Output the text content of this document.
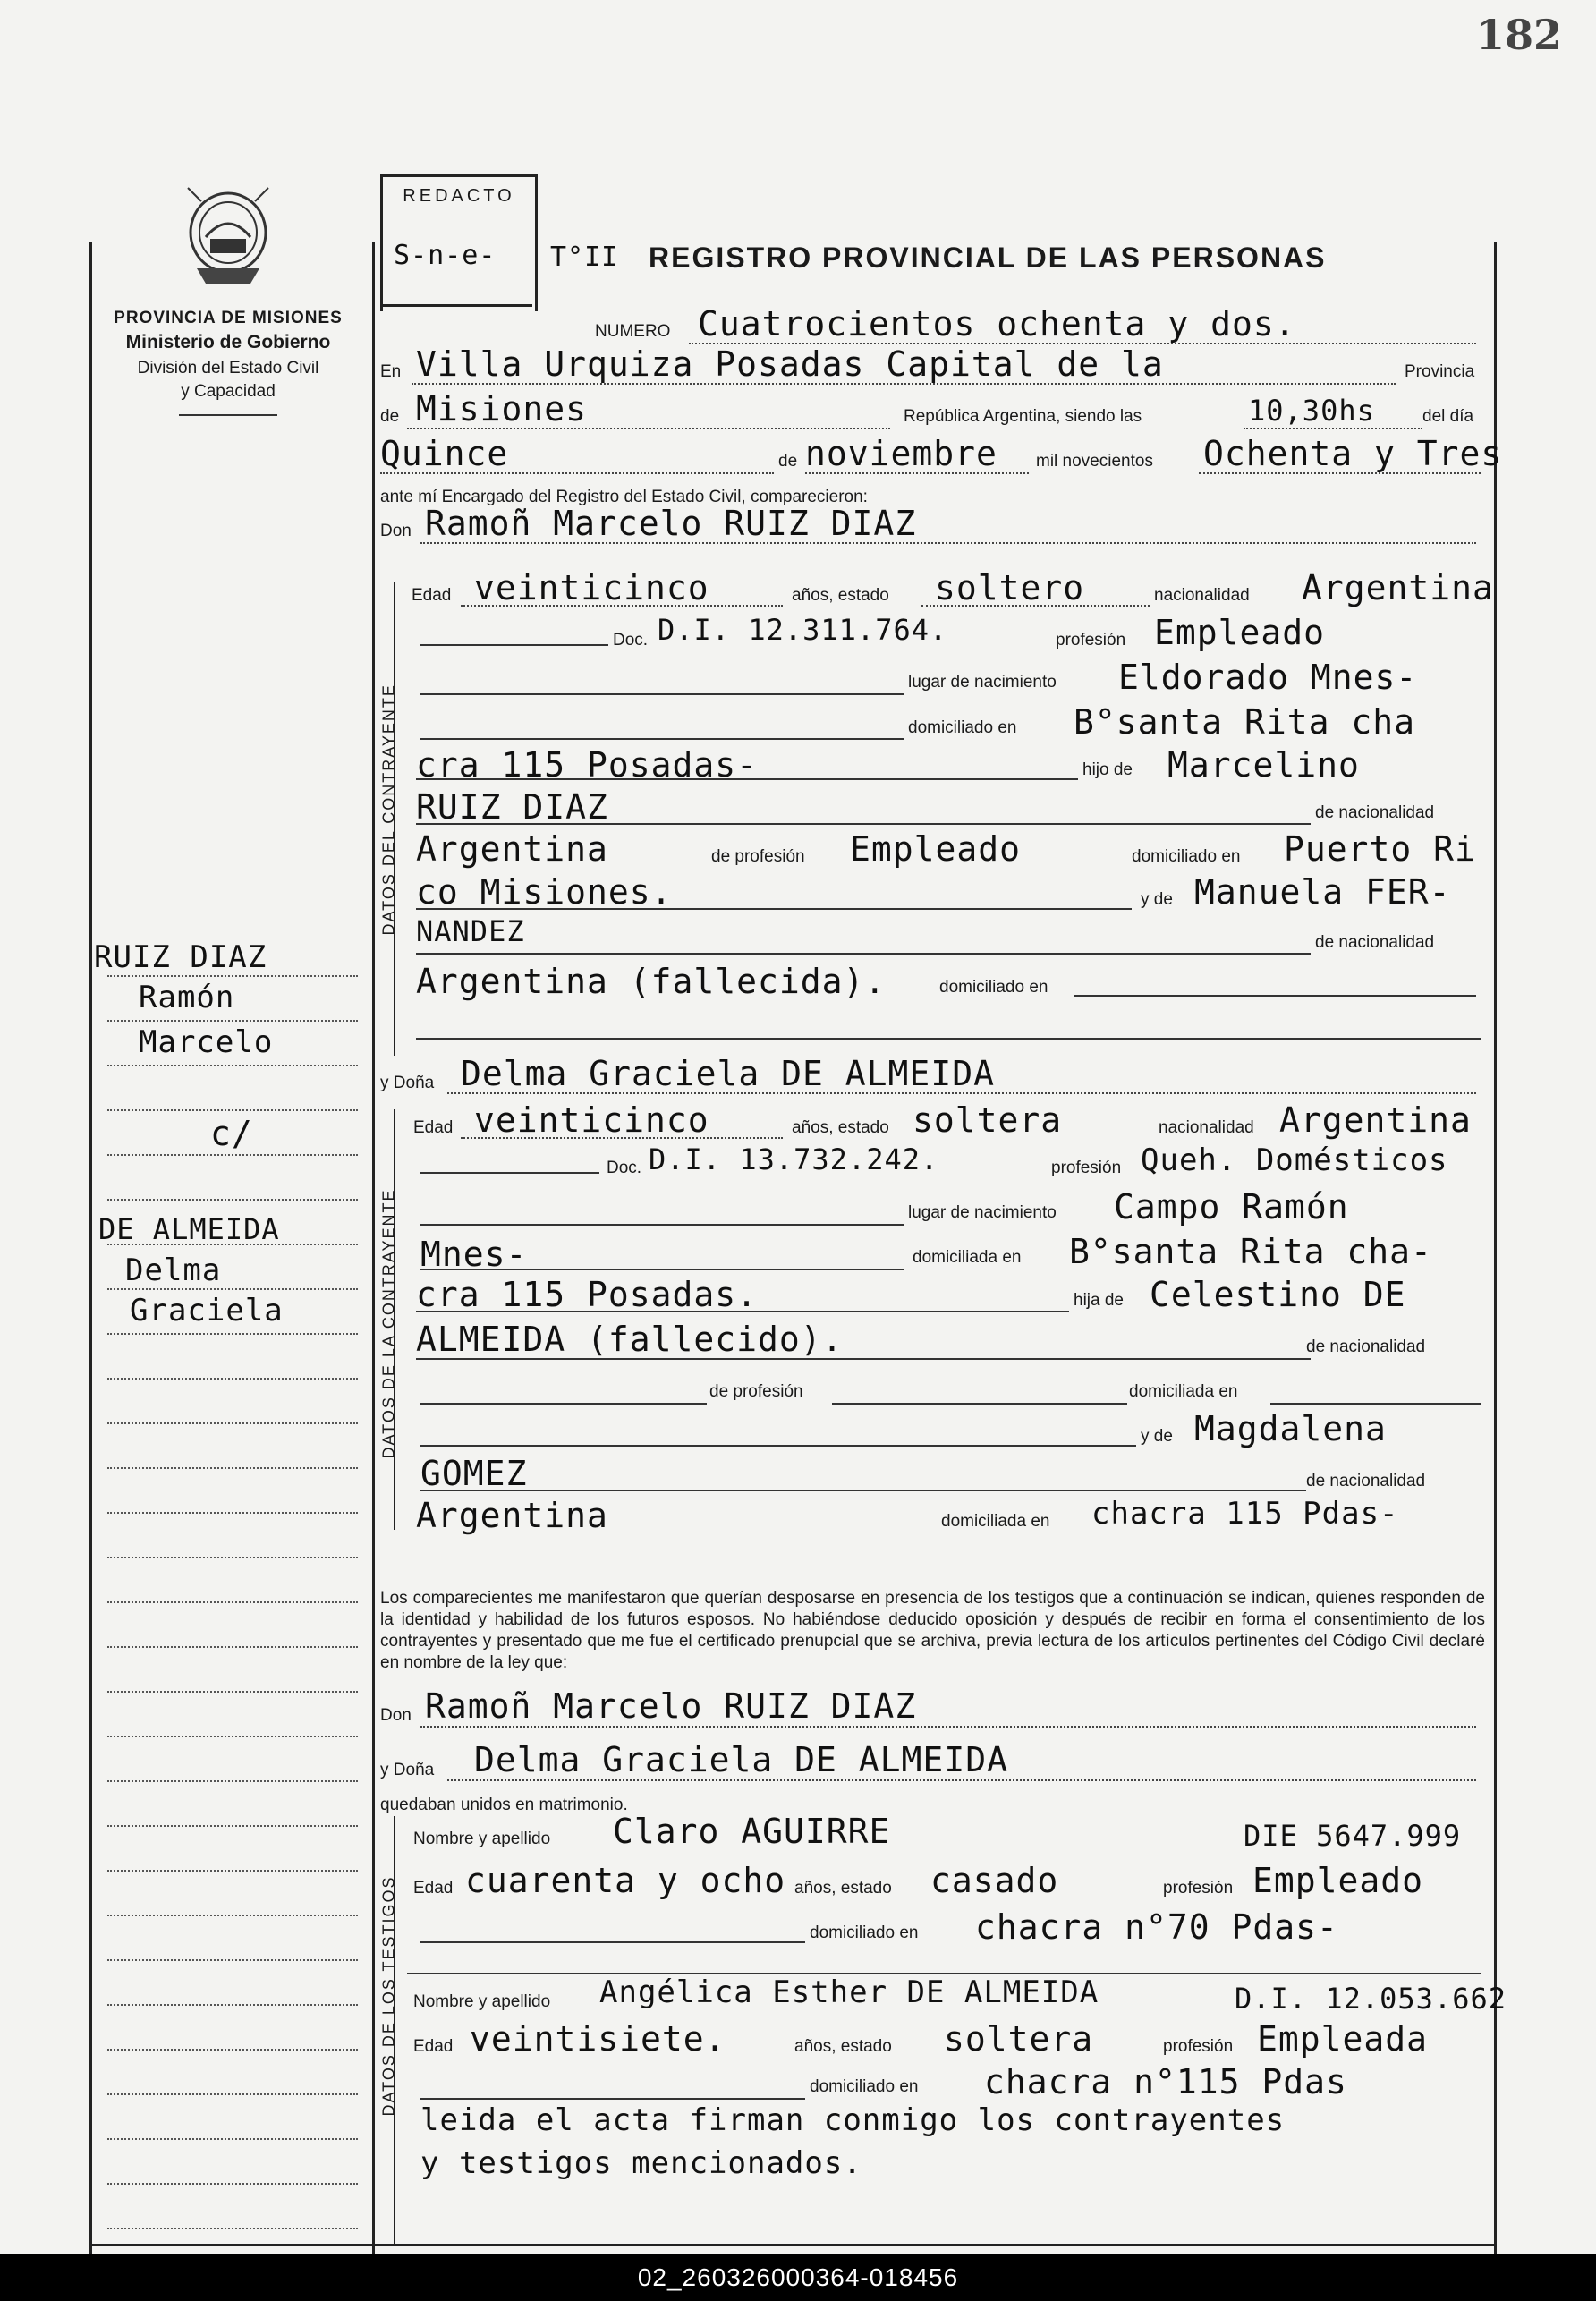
182
PROVINCIA DE MISIONES
Ministerio de Gobierno
División del Estado Civil
y Capacidad
REDACTO
S-n-e- T°II REGISTRO PROVINCIAL DE LAS PERSONAS
NUMERO Cuatrocientos ochenta y dos.
En Villa Urquiza Posadas Capital de la	Provincia
de Misiones	República Argentina, siendo las	10,30hs	del día
Quince	de noviembre mil novecientos Ochenta y Tres
ante mí Encargado del Registro del Estado Civil, comparecieron:
Don Ramoñ Marcelo RUIZ DIAZ
DATOS DEL CONTRAYENTE
Edad veinticinco	años, estado soltero	nacionalidad Argentina
Doc. D.I. 12.311.764.	profesión Empleado
lugar de nacimiento Eldorado Mnes-
domiciliado en B°santa Rita cha
cra 115 Posadas-	hijo de Marcelino
RUIZ DIAZ	de nacionalidad
Argentina	de profesión Empleado	domiciliado en Puerto Ri
co Misiones.	y de Manuela FER-
NANDEZ	de nacionalidad
Argentina (fallecida).	domiciliado en
y Doña Delma Graciela DE ALMEIDA
DATOS DE LA CONTRAYENTE
Edad veinticinco	años, estado soltera	nacionalidad Argentina
Doc. D.I. 13.732.242.	profesión Queh. Domésticos
lugar de nacimiento Campo Ramón
Mnes-	domiciliada en B°santa Rita cha-
cra 115 Posadas.	hija de Celestino DE
ALMEIDA (fallecido).	de nacionalidad
de profesión	domiciliada en
y de Magdalena
GOMEZ	de nacionalidad
Argentina	domiciliada en chacra 115 Pdas-
Los comparecientes me manifestaron que querían desposarse en presencia de los testigos que a continuación se indican, quienes responden de la identidad y habilidad de los futuros esposos. No habiéndose deducido oposición y después de recibir en forma el consentimiento de los contrayentes y presentado que me fue el certificado prenupcial que se archiva, previa lectura de los artículos pertinentes del Código Civil declaré en nombre de la ley que:
Don Ramoñ Marcelo RUIZ DIAZ
y Doña Delma Graciela DE ALMEIDA
quedaban unidos en matrimonio.
DATOS DE LOS TESTIGOS
Nombre y apellido Claro AGUIRRE	DIE 5647.999
Edad cuarenta y ocho años, estado casado	profesión Empleado
domiciliado en chacra n°70 Pdas-
Nombre y apellido Angélica Esther DE ALMEIDA	D.I. 12.053.662
Edad veintisiete.	años, estado soltera	profesión Empleada
domiciliado en chacra n°115 Pdas
leida el acta firman conmigo los contrayentes
y testigos mencionados.
RUIZ DIAZ
Ramón
Marcelo
c/
DE ALMEIDA
Delma
Graciela
02_260326000364-018456
